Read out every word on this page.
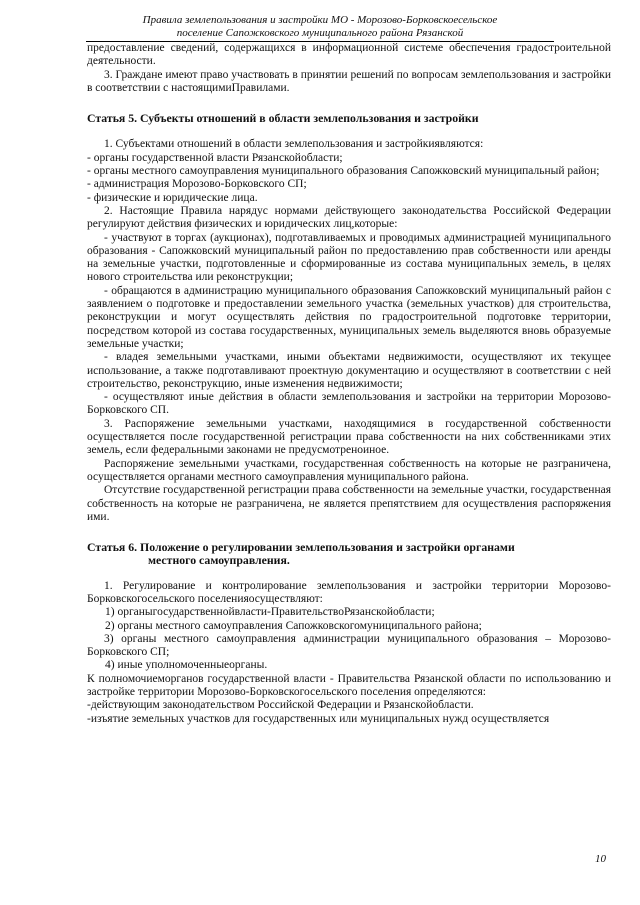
Правила землепользования и застройки МО - Морозово-Борковскоесельское
поселение Сапожковского муниципального района Рязанской

предоставление сведений, содержащихся в информационной системе обеспечения градостроительной деятельности.

3. Граждане имеют право участвовать в принятии решений по вопросам землепользования и застройки в соответствии с настоящимиПравилами.

Статья 5. Субъекты отношений в области землепользования и застройки

1. Субъектами отношений в области землепользования и застройкиявляются:

- органы государственной власти Рязанскойобласти;

- органы местного самоуправления муниципального образования Сапожковский муниципальный район;

- администрация Морозово-Борковского СП;

- физические и юридические лица.

2. Настоящие Правила нарядус нормами действующего законодательства Российской Федерации регулируют действия физических и юридических лиц,которые:

- участвуют в торгах (аукционах), подготавливаемых и проводимых администрацией муниципального образования - Сапожковский муниципальный район по предоставлению прав собственности или аренды на земельные участки, подготовленные и сформированные из состава муниципальных земель, в целях нового строительства или реконструкции;

- обращаются в администрацию муниципального образования Сапожковский муниципальный район с заявлением о подготовке и предоставлении земельного участка (земельных участков) для строительства, реконструкции и могут осуществлять действия по градостроительной подготовке территории, посредством которой из состава государственных, муниципальных земель выделяются вновь образуемые земельные участки;

- владея земельными участками, иными объектами недвижимости, осуществляют их текущее использование, а также подготавливают проектную документацию и осуществляют в соответствии с ней строительство, реконструкцию, иные изменения недвижимости;

- осуществляют иные действия в области землепользования и застройки на территории Морозово-Борковского СП.

3. Распоряжение земельными участками, находящимися в государственной собственности осуществляется после государственной регистрации права собственности на них собственниками этих земель, если федеральными законами не предусмотреноиное.

Распоряжение земельными участками, государственная собственность на которые не разграничена, осуществляется органами местного самоуправления муниципального района.

Отсутствие государственной регистрации права собственности на земельные участки, государственная собственность на которые не разграничена, не является препятствием для осуществления распоряжения ими.

Статья 6. Положение о регулировании землепользования и застройки органами

местного самоуправления.

1. Регулирование и контролирование землепользования и застройки территории Морозово-Борковскогосельского поселенияосуществляют:

1) органыгосударственнойвласти-ПравительствоРязанскойобласти;

2) органы местного самоуправления Сапожковскогомуниципального района;

3) органы местного самоуправления администрации муниципального образования – Морозово-Борковского СП;

4) иные уполномоченныеорганы.

К полномочиеморганов государственной власти - Правительства Рязанской области по использованию и застройке территории Морозово-Борковскогосельского поселения определяются:

-действующим законодательством Российской Федерации и Рязанскойобласти.

-изъятие земельных участков для государственных или муниципальных нужд осуществляется

10
